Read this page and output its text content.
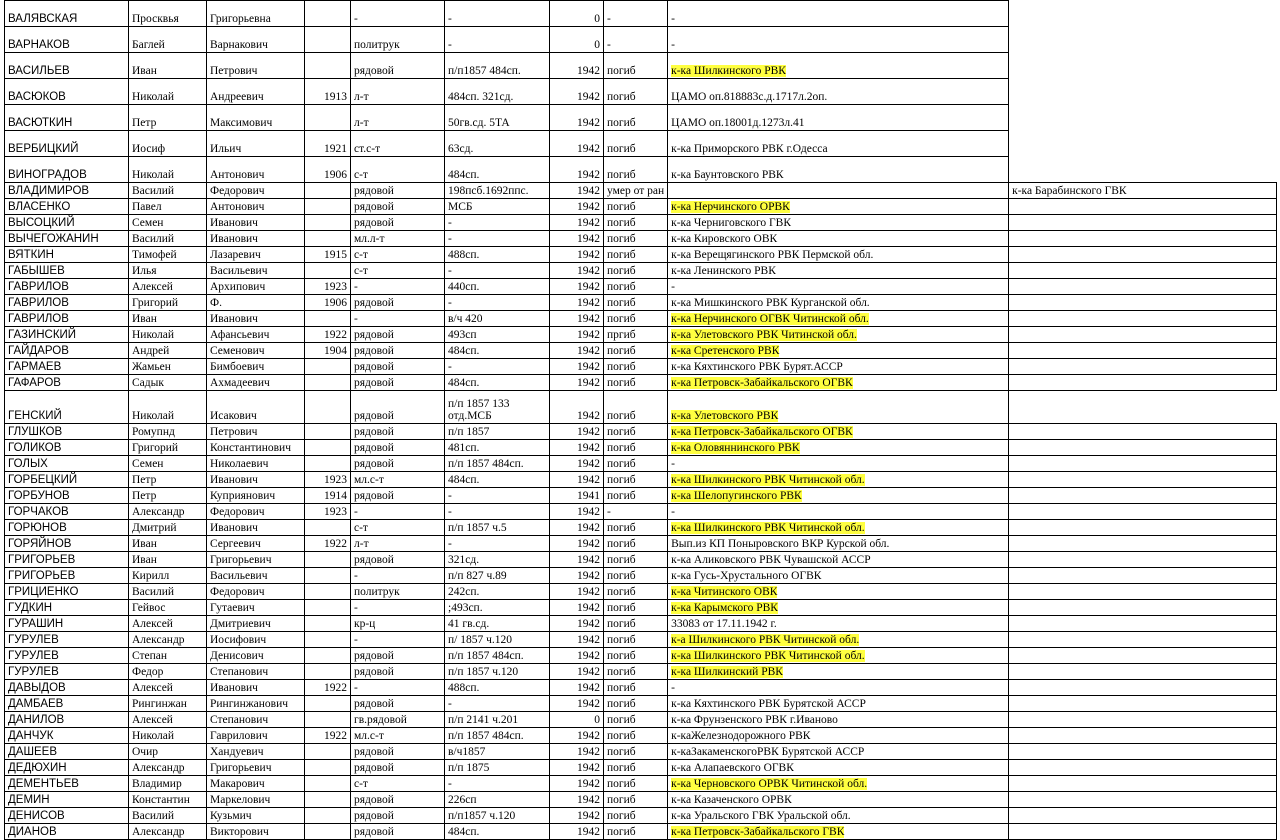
ВАЛЯВСКАЯ	Просквья	Григорьевна		-	-	0	-	-	
ВАРНАКОВ	Баглей	Варнакович		политрук	-	0	-	-	
ВАСИЛЬЕВ	Иван	Петрович		рядовой	п/п1857 484сп.	1942	погиб	к-ка Шилкинского РВК	
ВАСЮКОВ	Николай	Андреевич	1913	л-т	484сп. 321сд.	1942	погиб	ЦАМО оп.818883с.д.1717л.2оп.	
ВАСЮТКИН	Петр	Максимович		л-т	50гв.сд. 5ТА	1942	погиб	ЦАМО оп.18001д.1273л.41	
ВЕРБИЦКИЙ	Иосиф	Ильич	1921	ст.с-т	63сд.	1942	погиб	к-ка Приморского РВК г.Одесса	
ВИНОГРАДОВ	Николай	Антонович	1906	с-т	484сп.	1942	погиб	к-ка Баунтовского РВК	
ВЛАДИМИРОВ	Василий	Федорович		рядовой	198пcб.1692ппс.	1942	умер от ран		к-ка Барабинского ГВК
ВЛАСЕНКО	Павел	Антонович		рядовой	МСБ	1942	погиб	к-ка Нерчинского ОРВК	
ВЫСОЦКИЙ	Семен	Иванович		рядовой	-	1942	погиб	к-ка Черниговского ГВК	
ВЫЧЕГОЖАНИН	Василий	Иванович		мл.л-т	-	1942	погиб	к-ка Кировского ОВК	
ВЯТКИН	Тимофей	Лазаревич	1915	с-т	488сп.	1942	погиб	к-ка Верещягинского РВК Пермской обл.	
ГАБЫШЕВ	Илья	Васильевич		с-т	-	1942	погиб	к-ка Ленинского РВК	
ГАВРИЛОВ	Алексей	Архипович	1923	-	440сп.	1942	погиб	-	
ГАВРИЛОВ	Григорий	Ф.	1906	рядовой	-	1942	погиб	к-ка Мишкинского РВК Курганской обл.	
ГАВРИЛОВ	Иван	Иванович		-	в/ч 420	1942	погиб	к-ка Нерчинского ОГВК Читинской обл.	
ГАЗИНСКИЙ	Николай	Афансьевич	1922	рядовой	493сп	1942	пргиб	к-ка Улетовского РВК Читинской обл.	
ГАЙДАРОВ	Андрей	Семенович	1904	рядовой	484сп.	1942	погиб	к-ка Сретенского РВК	
ГАРМАЕВ	Жамьен	Бимбоевич		рядовой	-	1942	погиб	к-ка Кяхтинского РВК Бурят.АССР	
ГАФАРОВ	Садык	Ахмадеевич		рядовой	484сп.	1942	погиб	к-ка Петровск-Забайкальского ОГВК	
ГЕНСКИЙ	Николай	Исакович		рядовой	п/п 1857 133 отд.МСБ	1942	погиб	к-ка Улетовского РВК	
ГЛУШКОВ	Ромупнд	Петрович		рядовой	п/п 1857	1942	погиб	к-ка Петровск-Забайкальского ОГВК	
ГОЛИКОВ	Григорий	Константинович		рядовой	481сп.	1942	погиб	к-ка Оловяннинского РВК	
ГОЛЫХ	Семен	Николаевич		рядовой	п/п 1857 484сп.	1942	погиб	-	
ГОРБЕЦКИЙ	Петр	Иванович	1923	мл.с-т	484сп.	1942	погиб	к-ка Шилкинского РВК Читинской обл.	
ГОРБУНОВ	Петр	Куприянович	1914	рядовой	-	1941	погиб	к-ка Шелопугинского РВК	
ГОРЧАКОВ	Александр	Федорович	1923	-	-	1942	-	-	
ГОРЮНОВ	Дмитрий	Иванович		с-т	п/п 1857 ч.5	1942	погиб	к-ка Шилкинского РВК Читинской обл.	
ГОРЯЙНОВ	Иван	Сергеевич	1922	л-т	-	1942	погиб	Вып.из КП Поныровского ВКР Курской обл.	
ГРИГОРЬЕВ	Иван	Григорьевич		рядовой	321сд.	1942	погиб	к-ка Аликовского РВК Чувашской АССР	
ГРИГОРЬЕВ	Кирилл	Васильевич		-	п/п 827 ч.89	1942	погиб	к-ка Гусь-Хрустального ОГВК	
ГРИЦИЕНКО	Василий	Федорович		политрук	242сп.	1942	погиб	к-ка Читинского ОВК	
ГУДКИН	Гейвос	Гутаевич		-	;493сп.	1942	погиб	к-ка Карымского РВК	
ГУРАШИН	Алексей	Дмитриевич		кр-ц	41 гв.сд.	1942	погиб	33083 от 17.11.1942 г.	
ГУРУЛЕВ	Александр	Иосифович		-	п/ 1857 ч.120	1942	погиб	к-а Шилкинского РВК Читинской обл.	
ГУРУЛЕВ	Степан	Денисович		рядовой	п/п 1857 484сп.	1942	погиб	к-ка Шилкинского РВК Читинской обл.	
ГУРУЛЕВ	Федор	Степанович		рядовой	п/п 1857 ч.120	1942	погиб	к-ка Шилкинский РВК	
ДАВЫДОВ	Алексей	Иванович	1922	-	488сп.	1942	погиб	-	
ДАМБАЕВ	Рингинжан	Рингинжанович		рядовой	-	1942	погиб	к-ка Кяхтинского РВК Бурятской АССР	
ДАНИЛОВ	Алексей	Степанович		гв.рядовой	п/п 2141 ч.201	0	погиб	к-ка Фрунзенского РВК г.Иваново	
ДАНЧУК	Николай	Гаврилович	1922	мл.с-т	п/п 1857 484сп.	1942	погиб	к-каЖелезнодорожного РВК	
ДАШЕЕВ	Очир	Хандуевич		рядовой	в/ч1857	1942	погиб	к-каЗакаменскогоРВК Бурятской АССР	
ДЕДЮХИН	Александр	Григорьевич		рядовой	п/п 1875	1942	погиб	к-ка Алапаевского ОГВК	
ДЕМЕНТЬЕВ	Владимир	Макарович		с-т	-	1942	погиб	к-ка Черновского ОРВК Читинской обл.	
ДЕМИН	Константин	Маркелович		рядовой	226сп	1942	погиб	к-ка Казаченского ОРВК	
ДЕНИСОВ	Василий	Кузьмич		рядовой	п/п1857 ч.120	1942	погиб	к-ка Уральского ГВК Уральской обл.	
ДИАНОВ	Александр	Викторович		рядовой	484сп.	1942	погиб	к-ка Петровск-Забайкальского ГВК	
